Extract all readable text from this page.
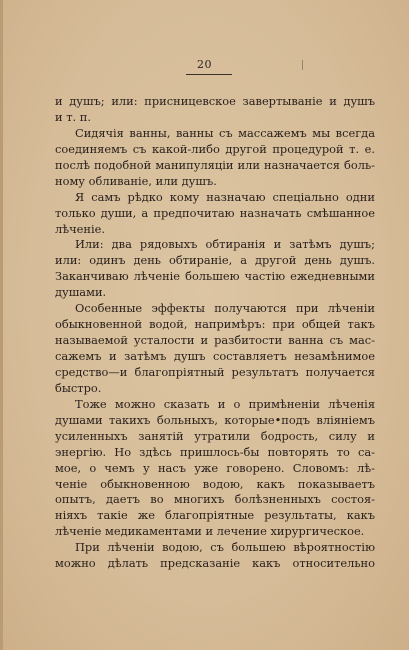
20
и душъ; или: присницевское завертываніе и душъ
и т. п.
Сидячія ванны, ванны съ массажемъ мы всегда
соединяемъ съ какой-либо другой процедурой т. е.
послѣ подобной манипуляціи или назначается боль-
ному обливаніе, или душъ.
Я самъ рѣдко кому назначаю спеціально одни
только души, а предпочитаю назначать смѣшанное
лѣченіе.
Или: два рядовыхъ обтиранія и затѣмъ душъ;
или: одинъ день обтираніе, а другой день душъ.
Заканчиваю лѣченіе большею частію ежедневными
душами.
Особенные эффекты получаются при лѣченіи
обыкновенной водой, напримѣръ: при общей такъ
называемой усталости и разбитости ванна съ мас-
сажемъ и затѣмъ душъ составляетъ незамѣнимое
средство—и благопріятный результатъ получается
быстро.
Тоже можно сказать и о примѣненіи лѣченія
душами такихъ больныхъ, которые•подъ вліяніемъ
усиленныхъ занятій утратили бодрость, силу и
энергію. Но здѣсь пришлось-бы повторять то са-
мое, о чемъ у насъ уже говорено. Словомъ: лѣ-
ченіе обыкновенною водою, какъ показываетъ
опытъ, даетъ во многихъ болѣзненныхъ состоя-
ніяхъ такіе же благопріятные результаты, какъ
лѣченіе медикаментами и лечение хирургическое.
При лѣченіи водою, съ большею вѣроятностію
можно дѣлать предсказаніе какъ относительно
